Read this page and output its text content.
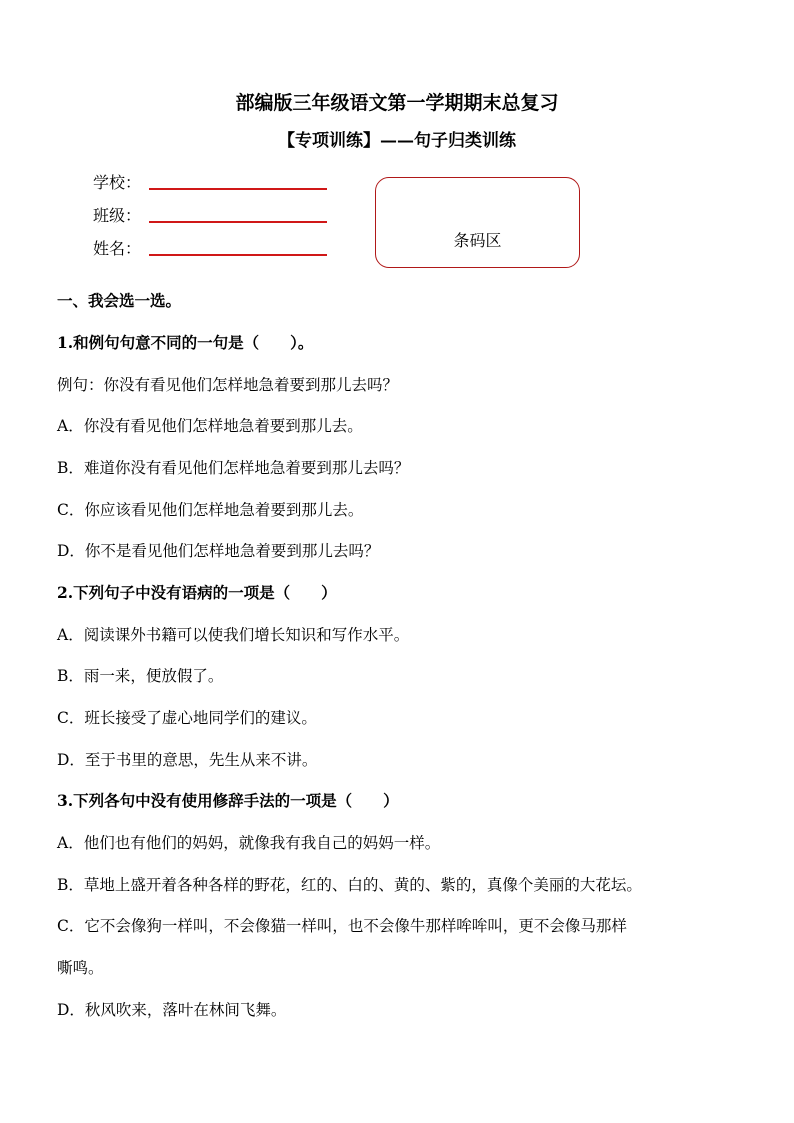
部编版三年级语文第一学期期末总复习
【专项训练】——句子归类训练
学校：
班级：
姓名：	条码区
一、我会选一选。
1.和例句句意不同的一句是（　　）。
例句：你没有看见他们怎样地急着要到那儿去吗？
A．你没有看见他们怎样地急着要到那儿去。
B．难道你没有看见他们怎样地急着要到那儿去吗？
C．你应该看见他们怎样地急着要到那儿去。
D．你不是看见他们怎样地急着要到那儿去吗？
2.下列句子中没有语病的一项是（　　）
A．阅读课外书籍可以使我们增长知识和写作水平。
B．雨一来，便放假了。
C．班长接受了虚心地同学们的建议。
D．至于书里的意思，先生从来不讲。
3.下列各句中没有使用修辞手法的一项是（　　）
A．他们也有他们的妈妈，就像我有我自己的妈妈一样。
B．草地上盛开着各种各样的野花，红的、白的、黄的、紫的，真像个美丽的大花坛。
C．它不会像狗一样叫，不会像猫一样叫，也不会像牛那样哞哞叫，更不会像马那样
嘶鸣。
D．秋风吹来，落叶在林间飞舞。
